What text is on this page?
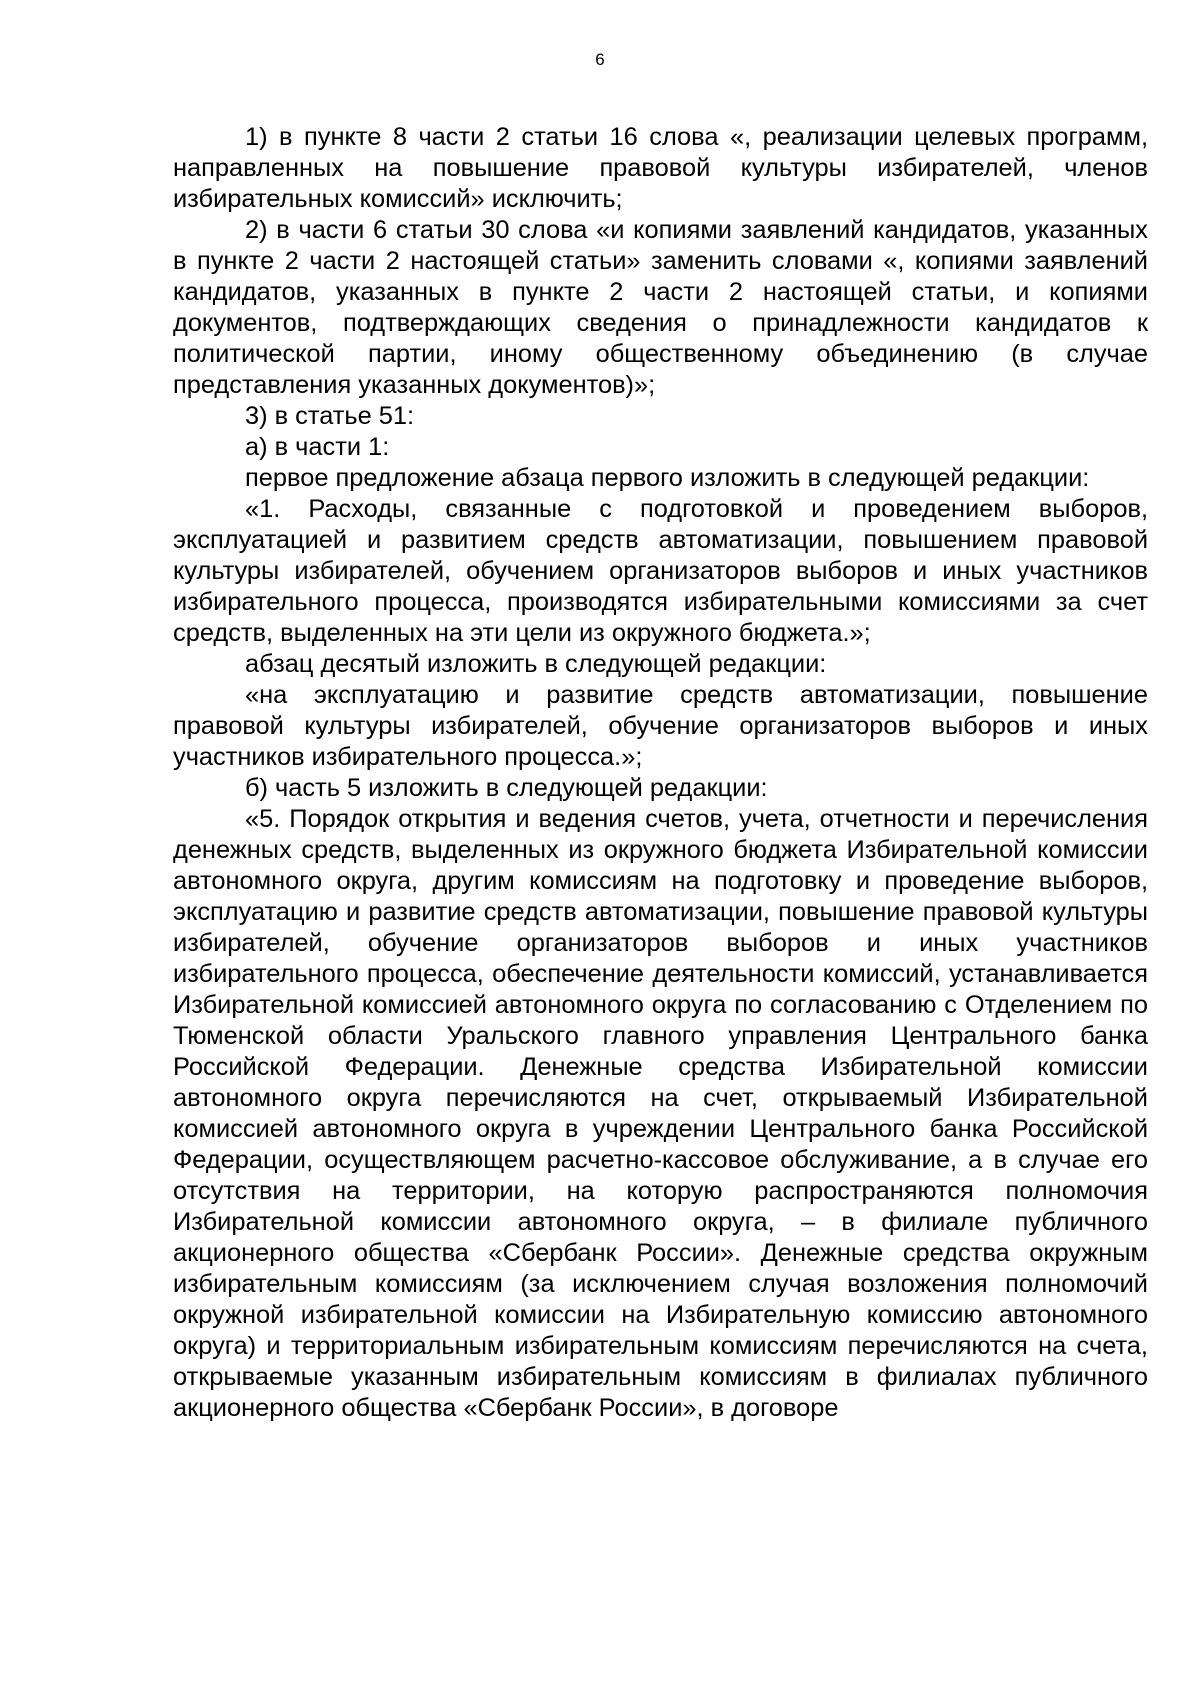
6

1) в пункте 8 части 2 статьи 16 слова «, реализации целевых программ, направленных на повышение правовой культуры избирателей, членов избирательных комиссий» исключить;

2) в части 6 статьи 30 слова «и копиями заявлений кандидатов, указанных в пункте 2 части 2 настоящей статьи» заменить словами «, копиями заявлений кандидатов, указанных в пункте 2 части 2 настоящей статьи, и копиями документов, подтверждающих сведения о принадлежности кандидатов к политической партии, иному общественному объединению (в случае представления указанных документов)»;

3) в статье 51:

а) в части 1:

первое предложение абзаца первого изложить в следующей редакции:

«1. Расходы, связанные с подготовкой и проведением выборов, эксплуатацией и развитием средств автоматизации, повышением правовой культуры избирателей, обучением организаторов выборов и иных участников избирательного процесса, производятся избирательными комиссиями за счет средств, выделенных на эти цели из окружного бюджета.»;

абзац десятый изложить в следующей редакции:

«на эксплуатацию и развитие средств автоматизации, повышение правовой культуры избирателей, обучение организаторов выборов и иных участников избирательного процесса.»;

б) часть 5 изложить в следующей редакции:

«5. Порядок открытия и ведения счетов, учета, отчетности и перечисления денежных средств, выделенных из окружного бюджета Избирательной комиссии автономного округа, другим комиссиям на подготовку и проведение выборов, эксплуатацию и развитие средств автоматизации, повышение правовой культуры избирателей, обучение организаторов выборов и иных участников избирательного процесса, обеспечение деятельности комиссий, устанавливается Избирательной комиссией автономного округа по согласованию с Отделением по Тюменской области Уральского главного управления Центрального банка Российской Федерации. Денежные средства Избирательной комиссии автономного округа перечисляются на счет, открываемый Избирательной комиссией автономного округа в учреждении Центрального банка Российской Федерации, осуществляющем расчетно-кассовое обслуживание, а в случае его отсутствия на территории, на которую распространяются полномочия Избирательной комиссии автономного округа, – в филиале публичного акционерного общества «Сбербанк России». Денежные средства окружным избирательным комиссиям (за исключением случая возложения полномочий окружной избирательной комиссии на Избирательную комиссию автономного округа) и территориальным избирательным комиссиям перечисляются на счета, открываемые указанным избирательным комиссиям в филиалах публичного акционерного общества «Сбербанк России», в договоре
